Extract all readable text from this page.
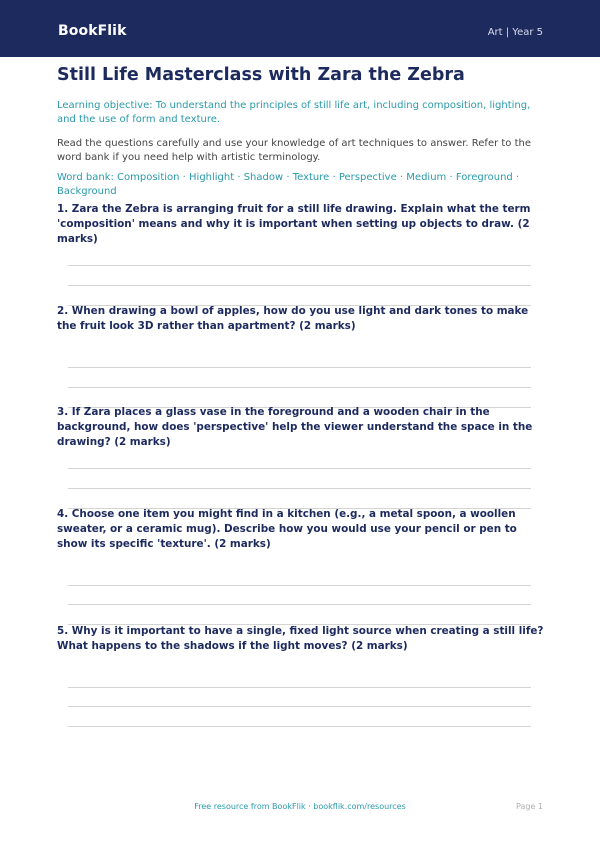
BookFlik	Art | Year 5
Still Life Masterclass with Zara the Zebra
Learning objective: To understand the principles of still life art, including composition, lighting, and the use of form and texture.
Read the questions carefully and use your knowledge of art techniques to answer. Refer to the word bank if you need help with artistic terminology.
Word bank: Composition · Highlight · Shadow · Texture · Perspective · Medium · Foreground · Background
1. Zara the Zebra is arranging fruit for a still life drawing. Explain what the term 'composition' means and why it is important when setting up objects to draw. (2 marks)
2. When drawing a bowl of apples, how do you use light and dark tones to make the fruit look 3D rather than apartment? (2 marks)
3. If Zara places a glass vase in the foreground and a wooden chair in the background, how does 'perspective' help the viewer understand the space in the drawing? (2 marks)
4. Choose one item you might find in a kitchen (e.g., a metal spoon, a woollen sweater, or a ceramic mug). Describe how you would use your pencil or pen to show its specific 'texture'. (2 marks)
5. Why is it important to have a single, fixed light source when creating a still life? What happens to the shadows if the light moves? (2 marks)
Free resource from BookFlik · bookflik.com/resources	Page 1
